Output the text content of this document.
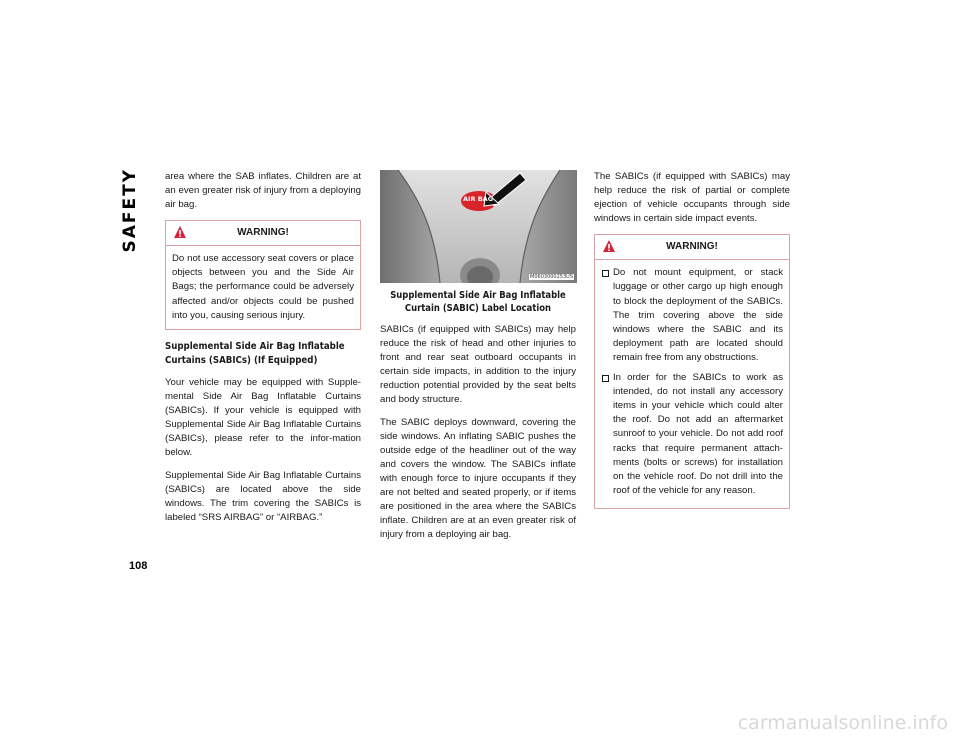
SAFETY
108

area where the SAB inflates. Children are at an even greater risk of injury from a deploying air bag.

WARNING!

Do not use accessory seat covers or place objects between you and the Side Air Bags; the performance could be adversely affected and/or objects could be pushed into you, causing serious injury.

Supplemental Side Air Bag Inflatable Curtains (SABICs) (If Equipped)

Your vehicle may be equipped with Supple-mental Side Air Bag Inflatable Curtains (SABICs). If your vehicle is equipped with Supplemental Side Air Bag Inflatable Curtains (SABICs), please refer to the infor-mation below.

Supplemental Side Air Bag Inflatable Curtains (SABICs) are located above the side windows. The trim covering the SABICs is labeled “SRS AIRBAG” or “AIRBAG.”

AIR BAG
M0603000253US
Supplemental Side Air Bag Inflatable Curtain (SABIC) Label Location

SABICs (if equipped with SABICs) may help reduce the risk of head and other injuries to front and rear seat outboard occupants in certain side impacts, in addition to the injury reduction potential provided by the seat belts and body structure.

The SABIC deploys downward, covering the side windows. An inflating SABIC pushes the outside edge of the headliner out of the way and covers the window. The SABICs inflate with enough force to injure occupants if they are not belted and seated properly, or if items are positioned in the area where the SABICs inflate. Children are at an even greater risk of injury from a deploying air bag.

The SABICs (if equipped with SABICs) may help reduce the risk of partial or complete ejection of vehicle occupants through side windows in certain side impact events.

WARNING!

Do not mount equipment, or stack luggage or other cargo up high enough to block the deployment of the SABICs. The trim covering above the side windows where the SABIC and its deployment path are located should remain free from any obstructions.

In order for the SABICs to work as intended, do not install any accessory items in your vehicle which could alter the roof. Do not add an aftermarket sunroof to your vehicle. Do not add roof racks that require permanent attach-ments (bolts or screws) for installation on the vehicle roof. Do not drill into the roof of the vehicle for any reason.

carmanualsonline.info
